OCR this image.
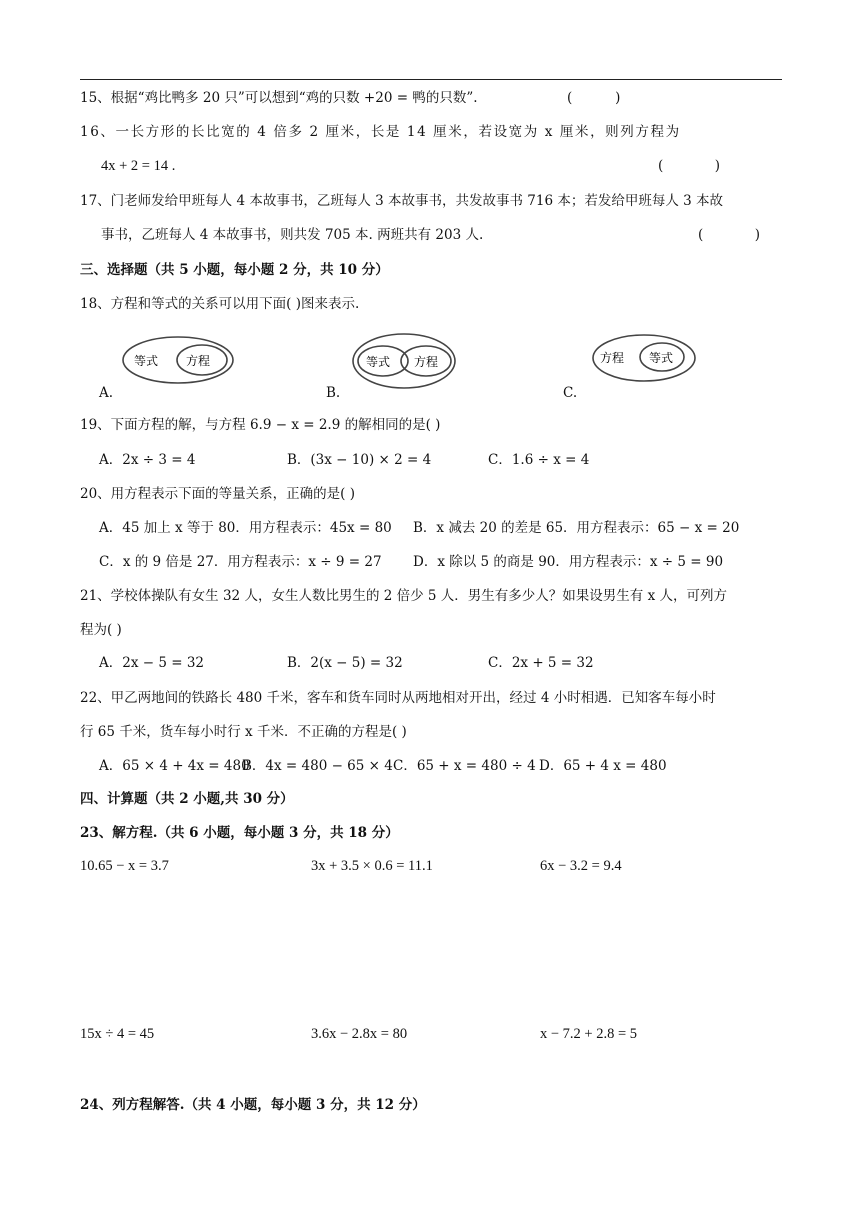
15、根据“鸡比鸭多 20 只”可以想到“鸡的只数 +20 = 鸭的只数”.	(          )
16、一长方形的长比宽的 4 倍多 2 厘米，长是 14 厘米，若设宽为 x 厘米，则列方程为
4x + 2 = 14 .	(            )
17、门老师发给甲班每人 4 本故事书，乙班每人 3 本故事书，共发故事书 716 本；若发给甲班每人 3 本故
事书，乙班每人 4 本故事书，则共发 705 本. 两班共有 203 人.	(            )
三、选择题（共 5 小题，每小题 2 分，共 10 分）
18、方程和等式的关系可以用下面( )图来表示.
等式 方程
A.
等式 方程
B.
方程 等式
C.
19、下面方程的解，与方程 6.9 − x = 2.9 的解相同的是( )
A．2x ÷ 3 = 4	B．(3x − 10) × 2 = 4	C．1.6 ÷ x = 4
20、用方程表示下面的等量关系，正确的是( )
A．45 加上 x 等于 80．用方程表示：45x = 80 B．x 减去 20 的差是 65．用方程表示：65 − x = 20
C．x 的 9 倍是 27．用方程表示：x ÷ 9 = 27 D．x 除以 5 的商是 90．用方程表示：x ÷ 5 = 90
21、学校体操队有女生 32 人，女生人数比男生的 2 倍少 5 人．男生有多少人？如果设男生有 x 人，可列方
程为( )
A．2x − 5 = 32	B．2(x − 5) = 32	C．2x + 5 = 32
22、甲乙两地间的铁路长 480 千米，客车和货车同时从两地相对开出，经过 4 小时相遇．已知客车每小时
行 65 千米，货车每小时行 x 千米．不正确的方程是( )
A．65 × 4 + 4x = 480
B．4x = 480 − 65 × 4 C．65 + x = 480 ÷ 4 D．65 + 4 x = 480
四、计算题（共 2 小题,共 30 分）
23、解方程.（共 6 小题，每小题 3 分，共 18 分）
10.65 − x = 3.7	3x + 3.5 × 0.6 = 11.1	6x − 3.2 = 9.4
15x ÷ 4 = 45	3.6x − 2.8x = 80	x − 7.2 + 2.8 = 5
24、列方程解答.（共 4 小题，每小题 3 分，共 12 分）
